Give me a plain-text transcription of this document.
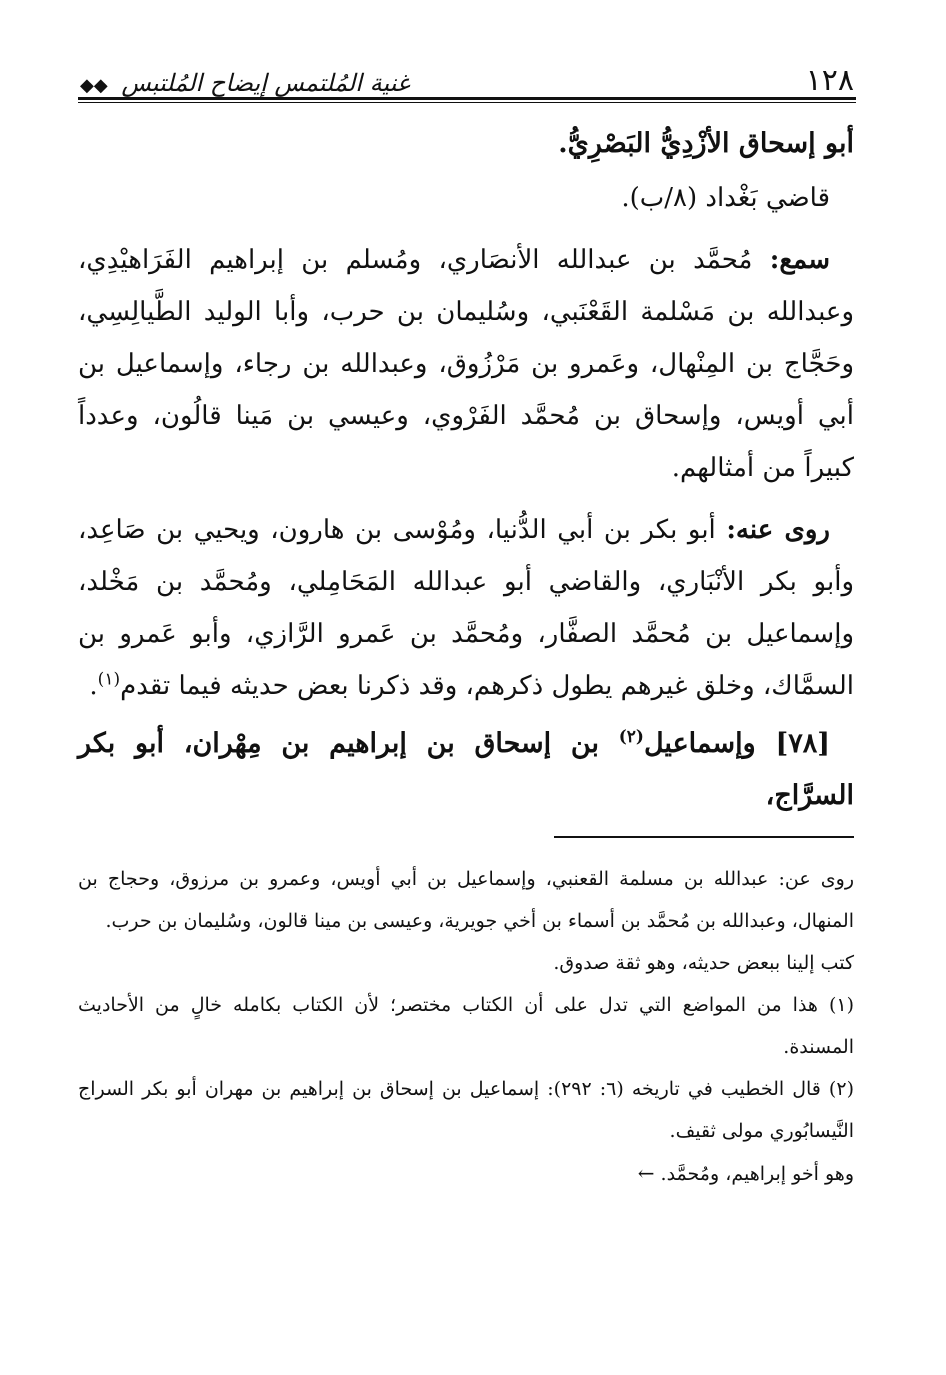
١٢٨
غنية المُلتمس إيضاح المُلتبس ◆◆

أبو إسحاق الأزْدِيُّ البَصْرِيُّ.

قاضي بَغْداد (٨/ب).

سمع: مُحمَّد بن عبدالله الأنصَاري، ومُسلم بن إبراهيم الفَرَاهيْدِي، وعبدالله بن مَسْلمة القَعْنَبي، وسُليمان بن حرب، وأبا الوليد الطَّيالِسِي، وحَجَّاج بن المِنْهال، وعَمرو بن مَرْزُوق، وعبدالله بن رجاء، وإسماعيل بن أبي أويس، وإسحاق بن مُحمَّد الفَرْوي، وعيسي بن مَينا قالُون، وعدداً كبيراً من أمثالهم.

روى عنه: أبو بكر بن أبي الدُّنيا، ومُوْسى بن هارون، ويحيي بن صَاعِد، وأبو بكر الأنْبَاري، والقاضي أبو عبدالله المَحَامِلي، ومُحمَّد بن مَخْلد، وإسماعيل بن مُحمَّد الصفَّار، ومُحمَّد بن عَمرو الرَّازي، وأبو عَمرو بن السمَّاك، وخلق غيرهم يطول ذكرهم، وقد ذكرنا بعض حديثه فيما تقدم$^{(١)}$.

[٧٨] وإسماعيل$^{(٢)}$ بن إسحاق بن إبراهيم بن مِهْران، أبو بكر السرَّاج،

روى عن: عبدالله بن مسلمة القعنبي، وإسماعيل بن أبي أويس، وعمرو بن مرزوق، وحجاج بن المنهال، وعبدالله بن مُحمَّد بن أسماء بن أخي جويرية، وعيسى بن مينا قالون، وسُليمان بن حرب.

كتب إلينا ببعض حديثه، وهو ثقة صدوق.

(١) هذا من المواضع التي تدل على أن الكتاب مختصر؛ لأن الكتاب بكامله خالٍ من الأحاديث المسندة.

(٢) قال الخطيب في تاريخه (٦: ٢٩٢): إسماعيل بن إسحاق بن إبراهيم بن مهران أبو بكر السراج النَّيسابُوري مولى ثقيف.

وهو أخو إبراهيم، ومُحمَّد.←
